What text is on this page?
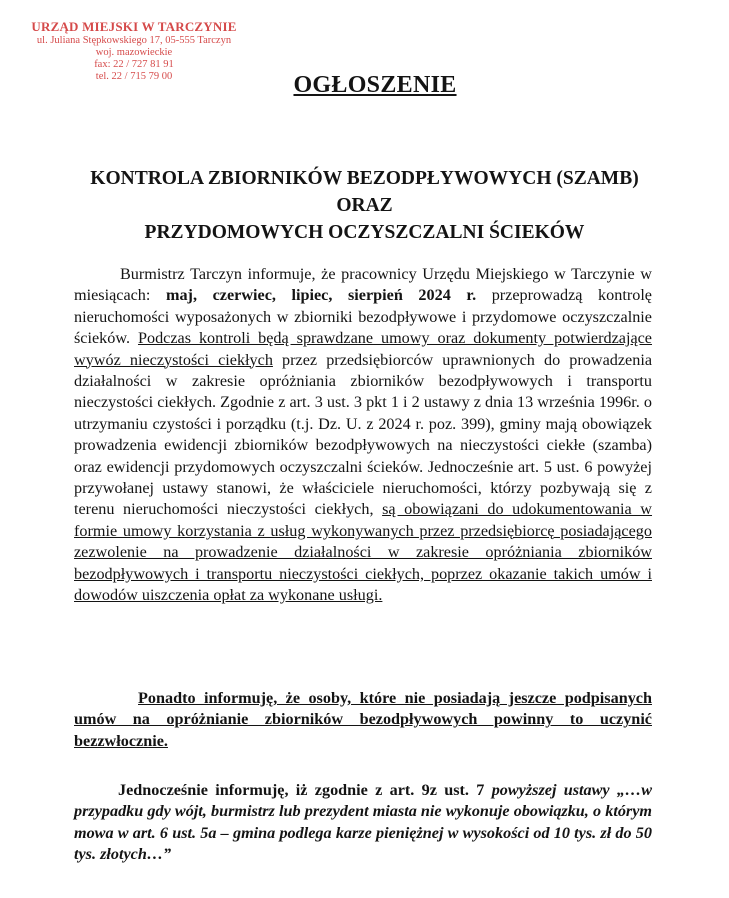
URZĄD MIEJSKI W TARCZYNIE
ul. Juliana Stępkowskiego 17, 05-555 Tarczyn
woj. mazowieckie
fax: 22 / 727 81 91
tel. 22 / 715 79 00	OGŁOSZENIE
KONTROLA ZBIORNIKÓW BEZODPŁYWOWYCH (SZAMB)
ORAZ
PRZYDOMOWYCH OCZYSZCZALNI ŚCIEKÓW
Burmistrz Tarczyn informuje, że pracownicy Urzędu Miejskiego w Tarczynie w miesiącach: maj, czerwiec, lipiec, sierpień 2024 r. przeprowadzą kontrolę nieruchomości wyposażonych w zbiorniki bezodpływowe i przydomowe oczyszczalnie ścieków. Podczas kontroli będą sprawdzane umowy oraz dokumenty potwierdzające wywóz nieczystości ciekłych przez przedsiębiorców uprawnionych do prowadzenia działalności w zakresie opróżniania zbiorników bezodpływowych i transportu nieczystości ciekłych. Zgodnie z art. 3 ust. 3 pkt 1 i 2 ustawy z dnia 13 września 1996r. o utrzymaniu czystości i porządku (t.j. Dz. U. z 2024 r. poz. 399), gminy mają obowiązek prowadzenia ewidencji zbiorników bezodpływowych na nieczystości ciekłe (szamba) oraz ewidencji przydomowych oczyszczalni ścieków. Jednocześnie art. 5 ust. 6 powyżej przywołanej ustawy stanowi, że właściciele nieruchomości, którzy pozbywają się z terenu nieruchomości nieczystości ciekłych, są obowiązani do udokumentowania w formie umowy korzystania z usług wykonywanych przez przedsiębiorcę posiadającego zezwolenie na prowadzenie działalności w zakresie opróżniania zbiorników bezodpływowych i transportu nieczystości ciekłych, poprzez okazanie takich umów i dowodów uiszczenia opłat za wykonane usługi.
Ponadto informuję, że osoby, które nie posiadają jeszcze podpisanych umów na opróżnianie zbiorników bezodpływowych powinny to uczynić bezzwłocznie.
Jednocześnie informuję, iż zgodnie z art. 9z ust. 7 powyższej ustawy „…w przypadku gdy wójt, burmistrz lub prezydent miasta nie wykonuje obowiązku, o którym mowa w art. 6 ust. 5a – gmina podlega karze pieniężnej w wysokości od 10 tys. zł do 50 tys. złotych…”
